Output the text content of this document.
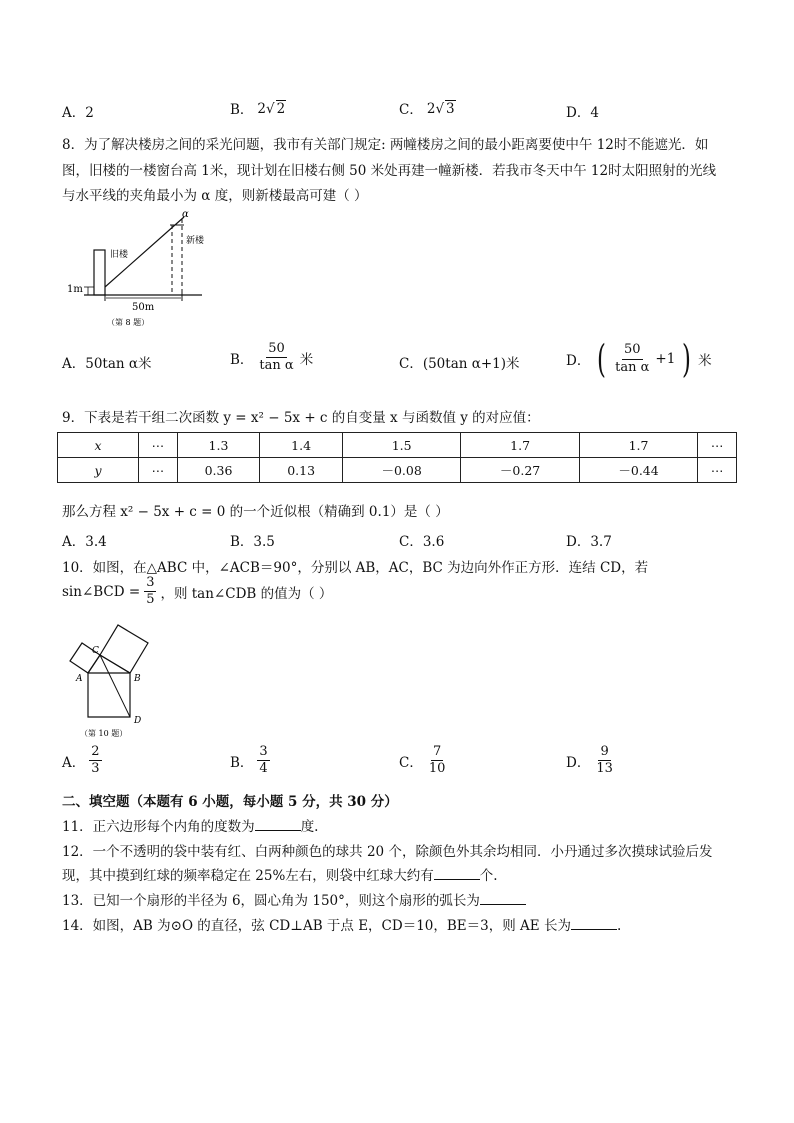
A．2	B． 2 √ 2	C． 2 √ 3	D．4
8．为了解决楼房之间的采光问题，我市有关部门规定: 两幢楼房之间的最小距离要使中午 12时不能遮光．如
图，旧楼的一楼窗台高 1米，现计划在旧楼右侧 50 米处再建一幢新楼．若我市冬天中午 12时太阳照射的光线
与水平线的夹角最小为 α 度，则新楼最高可建（ ）
旧楼
新楼
α
50m
1m
（第 8 题）
A．50tan α米	B． $\frac{50}{\text{tan α}}$ 米	C．(50tan α+1)米	D． ( $\frac{50}{\text{tan α}} +1$ ) 米
9．下表是若干组二次函数 y = x² − 5x + c 的自变量 x 与函数值 y 的对应值：
x	⋯	1.3	1.4	1.5	1.7	1.7	⋯
y	⋯	0.36	0.13	－0.08	－0.27	－0.44	⋯
那么方程 x² − 5x + c = 0 的一个近似根（精确到 0.1）是（ ）
A．3.4	B．3.5	C．3.6	D．3.7
10．如图，在△ABC 中，∠ACB＝90°，分别以 AB，AC，BC 为边向外作正方形．连结 CD，若
sin∠BCD = $\frac{3}{5}$ ，则 tan∠CDB 的值为（ ）
C
A	B
D
（第 10 题）
A． $\frac{2}{3}$	B． $\frac{3}{4}$	C． $\frac{7}{10}$	D． $\frac{9}{13}$
二、填空题（本题有 6 小题，每小题 5 分，共 30 分）
11．正六边形每个内角的度数为	度.
12．一个不透明的袋中装有红、白两种颜色的球共 20 个，除颜色外其余均相同．小丹通过多次摸球试验后发
现，其中摸到红球的频率稳定在 25%左右，则袋中红球大约有	个.
13．已知一个扇形的半径为 6，圆心角为 150°，则这个扇形的弧长为
14．如图，AB 为⊙O 的直径，弦 CD⊥AB 于点 E，CD＝10，BE＝3，则 AE 长为	.
